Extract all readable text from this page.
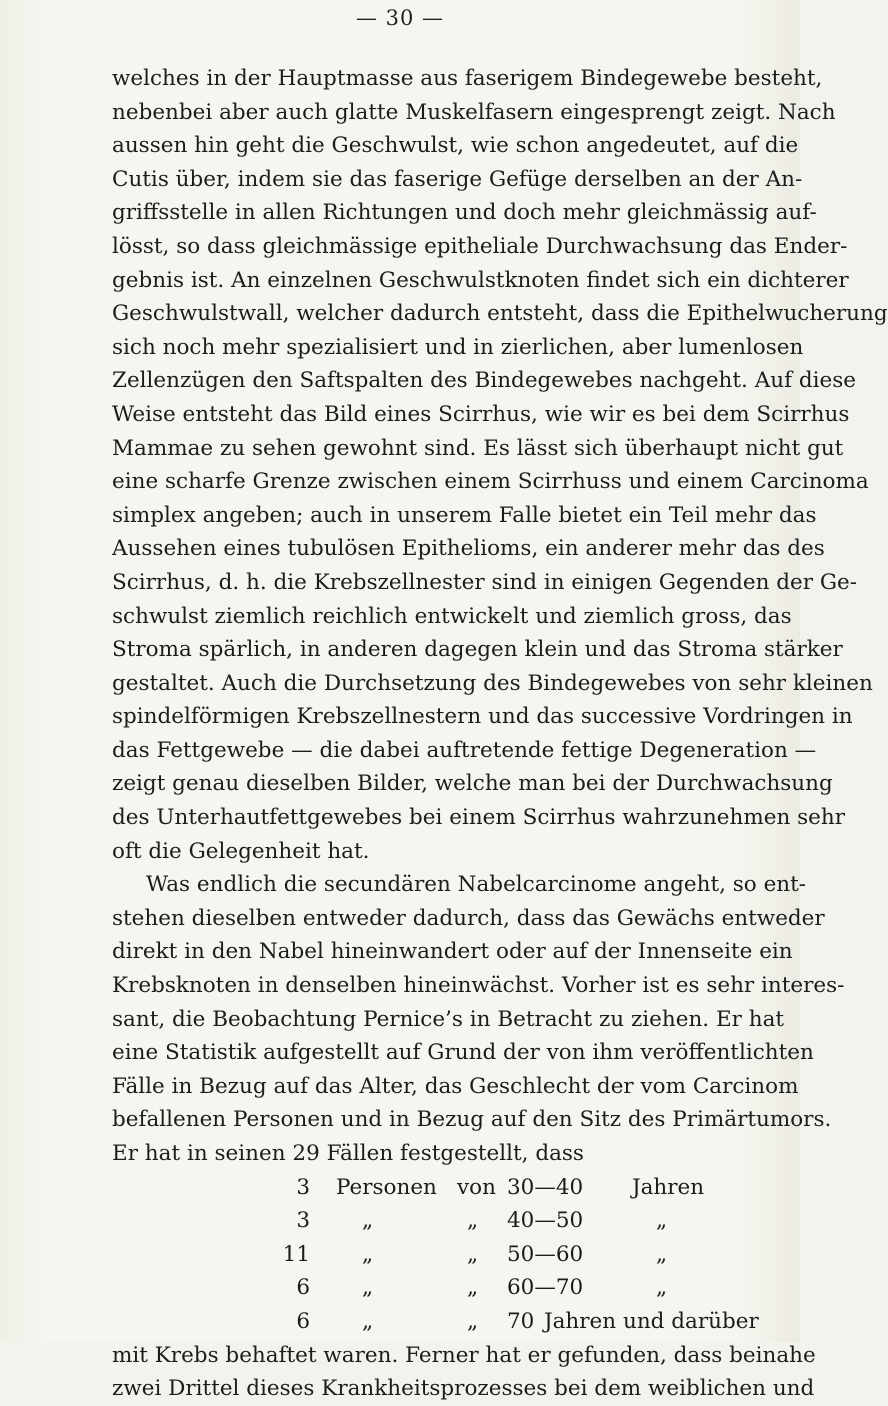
— 30 —
welches in der Hauptmasse aus faserigem Bindegewebe besteht,
nebenbei aber auch glatte Muskelfasern eingesprengt zeigt. Nach
aussen hin geht die Geschwulst, wie schon angedeutet, auf die
Cutis über, indem sie das faserige Gefüge derselben an der An-
griffsstelle in allen Richtungen und doch mehr gleichmässig auf-
lösst, so dass gleichmässige epitheliale Durchwachsung das Ender-
gebnis ist. An einzelnen Geschwulstknoten findet sich ein dichterer
Geschwulstwall, welcher dadurch entsteht, dass die Epithelwucherung
sich noch mehr spezialisiert und in zierlichen, aber lumenlosen
Zellenzügen den Saftspalten des Bindegewebes nachgeht. Auf diese
Weise entsteht das Bild eines Scirrhus, wie wir es bei dem Scirrhus
Mammae zu sehen gewohnt sind. Es lässt sich überhaupt nicht gut
eine scharfe Grenze zwischen einem Scirrhuss und einem Carcinoma
simplex angeben; auch in unserem Falle bietet ein Teil mehr das
Aussehen eines tubulösen Epithelioms, ein anderer mehr das des
Scirrhus, d. h. die Krebszellnester sind in einigen Gegenden der Ge-
schwulst ziemlich reichlich entwickelt und ziemlich gross, das
Stroma spärlich, in anderen dagegen klein und das Stroma stärker
gestaltet. Auch die Durchsetzung des Bindegewebes von sehr kleinen
spindelförmigen Krebszellnestern und das successive Vordringen in
das Fettgewebe — die dabei auftretende fettige Degeneration —
zeigt genau dieselben Bilder, welche man bei der Durchwachsung
des Unterhautfettgewebes bei einem Scirrhus wahrzunehmen sehr
oft die Gelegenheit hat.
Was endlich die secundären Nabelcarcinome angeht, so ent-
stehen dieselben entweder dadurch, dass das Gewächs entweder
direkt in den Nabel hineinwandert oder auf der Innenseite ein
Krebsknoten in denselben hineinwächst. Vorher ist es sehr interes-
sant, die Beobachtung Pernice’s in Betracht zu ziehen. Er hat
eine Statistik aufgestellt auf Grund der von ihm veröffentlichten
Fälle in Bezug auf das Alter, das Geschlecht der vom Carcinom
befallenen Personen und in Bezug auf den Sitz des Primärtumors.
Er hat in seinen 29 Fällen festgestellt, dass
3 Personen von 30—40 Jahren
3 „	„ 40—50	„
11 „	„ 50—60	„
6 „	„ 60—70	„
6 „	„ 70 Jahren und darüber
mit Krebs behaftet waren. Ferner hat er gefunden, dass beinahe
zwei Drittel dieses Krankheitsprozesses bei dem weiblichen und
